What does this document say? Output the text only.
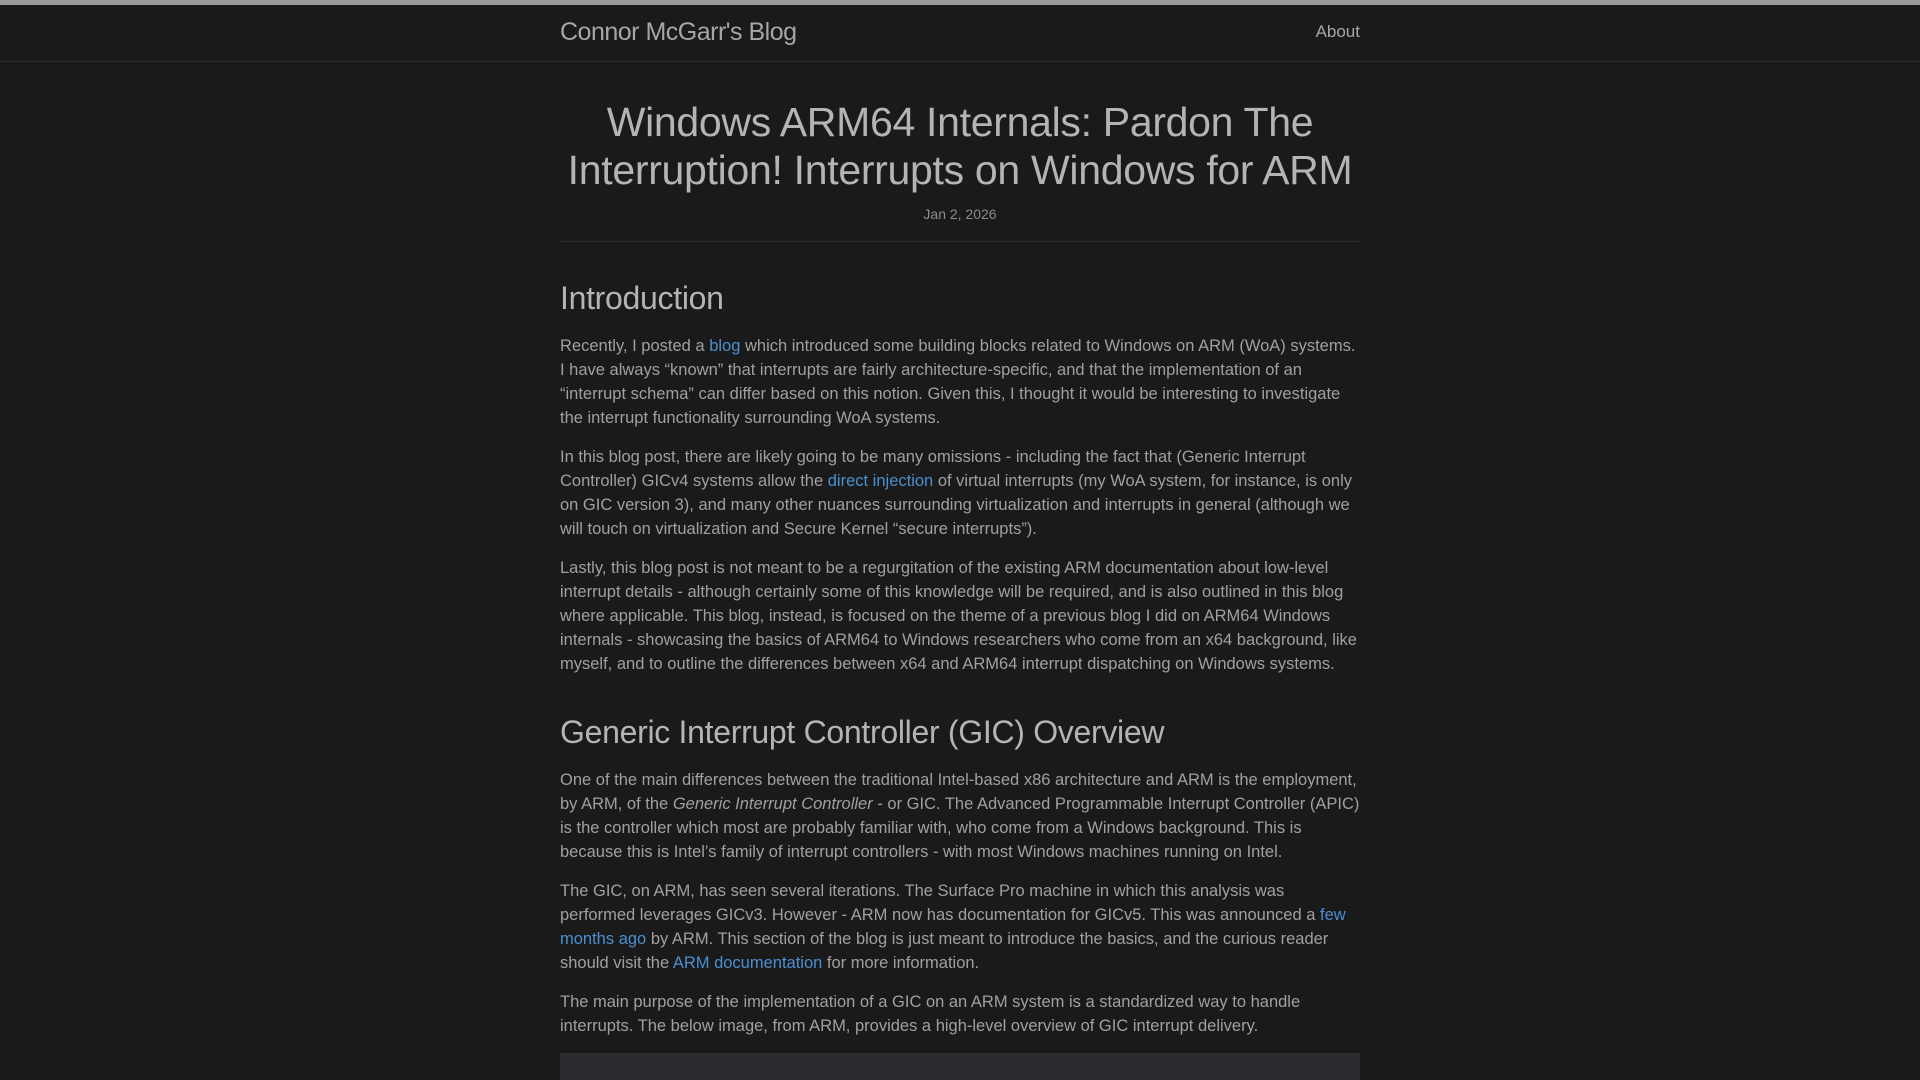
Connor McGarr's Blog	About
Windows ARM64 Internals: Pardon The Interruption! Interrupts on Windows for ARM
Jan 2, 2026
Introduction

Recently, I posted a blog which introduced some building blocks related to Windows on ARM (WoA) systems. I have always “known” that interrupts are fairly architecture-specific, and that the implementation of an “interrupt schema” can differ based on this notion. Given this, I thought it would be interesting to investigate the interrupt functionality surrounding WoA systems.

In this blog post, there are likely going to be many omissions - including the fact that (Generic Interrupt Controller) GICv4 systems allow the direct injection of virtual interrupts (my WoA system, for instance, is only on GIC version 3), and many other nuances surrounding virtualization and interrupts in general (although we will touch on virtualization and Secure Kernel “secure interrupts”).

Lastly, this blog post is not meant to be a regurgitation of the existing ARM documentation about low-level interrupt details - although certainly some of this knowledge will be required, and is also outlined in this blog where applicable. This blog, instead, is focused on the theme of a previous blog I did on ARM64 Windows internals - showcasing the basics of ARM64 to Windows researchers who come from an x64 background, like myself, and to outline the differences between x64 and ARM64 interrupt dispatching on Windows systems.

Generic Interrupt Controller (GIC) Overview

One of the main differences between the traditional Intel-based x86 architecture and ARM is the employment, by ARM, of the Generic Interrupt Controller - or GIC. The Advanced Programmable Interrupt Controller (APIC) is the controller which most are probably familiar with, who come from a Windows background. This is because this is Intel’s family of interrupt controllers - with most Windows machines running on Intel.

The GIC, on ARM, has seen several iterations. The Surface Pro machine in which this analysis was performed leverages GICv3. However - ARM now has documentation for GICv5. This was announced a few months ago by ARM. This section of the blog is just meant to introduce the basics, and the curious reader should visit the ARM documentation for more information.

The main purpose of the implementation of a GIC on an ARM system is a standardized way to handle interrupts. The below image, from ARM, provides a high-level overview of GIC interrupt delivery.
